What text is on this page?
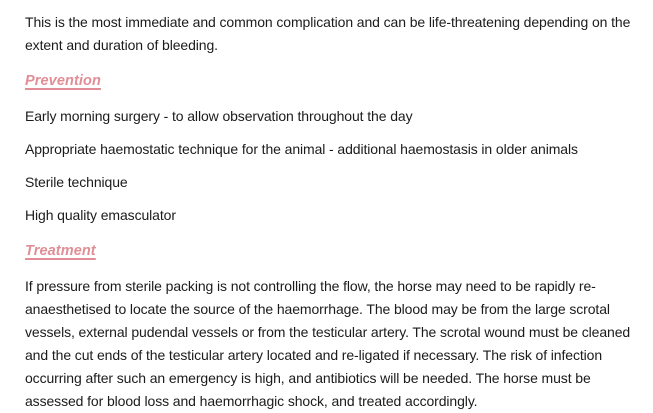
This is the most immediate and common complication and can be life-threatening depending on the extent and duration of bleeding.

Prevention

Early morning surgery - to allow observation throughout the day

Appropriate haemostatic technique for the animal - additional haemostasis in older animals

Sterile technique

High quality emasculator

Treatment

If pressure from sterile packing is not controlling the flow, the horse may need to be rapidly re-anaesthetised to locate the source of the haemorrhage. The blood may be from the large scrotal vessels, external pudendal vessels or from the testicular artery. The scrotal wound must be cleaned and the cut ends of the testicular artery located and re-ligated if necessary. The risk of infection occurring after such an emergency is high, and antibiotics will be needed. The horse must be assessed for blood loss and haemorrhagic shock, and treated accordingly.
